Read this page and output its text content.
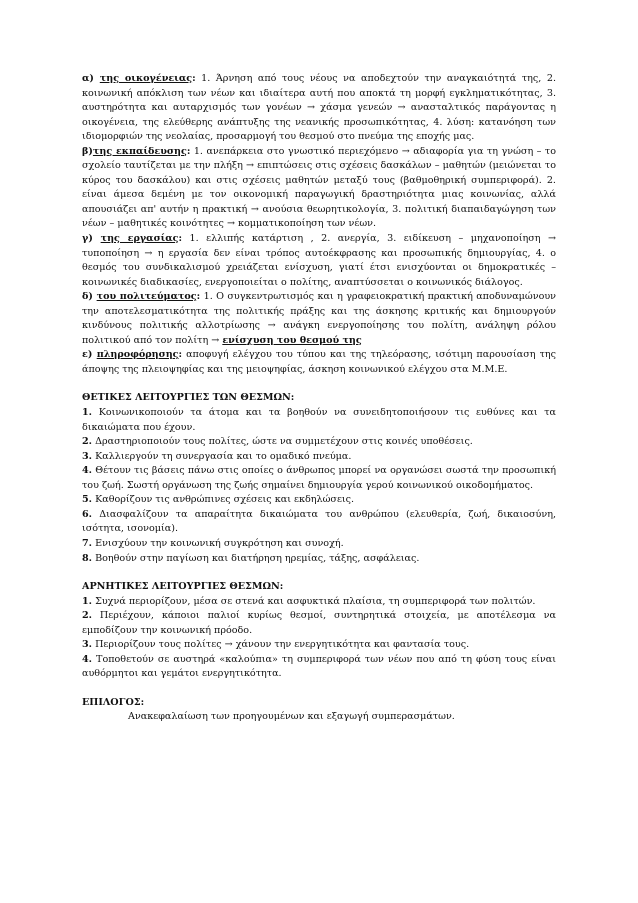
α) της οικογένειας: 1. Άρνηση από τους νέους να αποδεχτούν την αναγκαιότητά της, 2. κοινωνική απόκλιση των νέων και ιδιαίτερα αυτή που αποκτά τη μορφή εγκληματικότητας, 3. αυστηρότητα και αυταρχισμός των γονέων → χάσμα γενεών → ανασταλτικός παράγοντας η οικογένεια, της ελεύθερης ανάπτυξης της νεανικής προσωπικότητας, 4. λύση: κατανόηση των ιδιομορφιών της νεολαίας, προσαρμογή του θεσμού στο πνεύμα της εποχής μας.

β)της εκπαίδευσης: 1. ανεπάρκεια στο γνωστικό περιεχόμενο → αδιαφορία για τη γνώση – το σχολείο ταυτίζεται με την πλήξη → επιπτώσεις στις σχέσεις δασκάλων – μαθητών (μειώνεται το κύρος του δασκάλου) και στις σχέσεις μαθητών μεταξύ τους (βαθμοθηρική συμπεριφορά). 2. είναι άμεσα δεμένη με τον οικονομική παραγωγική δραστηριότητα μιας κοινωνίας, αλλά απουσιάζει απ' αυτήν η πρακτική → ανούσια θεωρητικολογία, 3. πολιτική διαπαιδαγώγηση των νέων – μαθητικές κοινότητες → κομματικοποίηση των νέων.

γ) της εργασίας: 1. ελλιπής κατάρτιση , 2. ανεργία, 3. ειδίκευση – μηχανοποίηση → τυποποίηση → η εργασία δεν είναι τρόπος αυτοέκφρασης και προσωπικής δημιουργίας, 4. ο θεσμός του συνδικαλισμού χρειάζεται ενίσχυση, γιατί έτσι ενισχύονται οι δημοκρατικές – κοινωνικές διαδικασίες, ενεργοποιείται ο πολίτης, αναπτύσσεται ο κοινωνικός διάλογος.

δ) του πολιτεύματος: 1. Ο συγκεντρωτισμός και η γραφειοκρατική πρακτική αποδυναμώνουν την αποτελεσματικότητα της πολιτικής πράξης και της άσκησης κριτικής και δημιουργούν κινδύνους πολιτικής αλλοτρίωσης → ανάγκη ενεργοποίησης του πολίτη, ανάληψη ρόλου πολιτικού από τον πολίτη → ενίσχυση του θεσμού της

ε) πληροφόρησης: αποφυγή ελέγχου του τύπου και της τηλεόρασης, ισότιμη παρουσίαση της άποψης της πλειοψηφίας και της μειοψηφίας, άσκηση κοινωνικού ελέγχου στα Μ.Μ.Ε.

ΘΕΤΙΚΕΣ ΛΕΙΤΟΥΡΓΙΕΣ ΤΩΝ ΘΕΣΜΩΝ:

1. Κοινωνικοποιούν τα άτομα και τα βοηθούν να συνειδητοποιήσουν τις ευθύνες και τα δικαιώματα που έχουν.

2. Δραστηριοποιούν τους πολίτες, ώστε να συμμετέχουν στις κοινές υποθέσεις.

3. Καλλιεργούν τη συνεργασία και το ομαδικό πνεύμα.

4. Θέτουν τις βάσεις πάνω στις οποίες ο άνθρωπος μπορεί να οργανώσει σωστά την προσωπική του ζωή. Σωστή οργάνωση της ζωής σημαίνει δημιουργία γερού κοινωνικού οικοδομήματος.

5. Καθορίζουν τις ανθρώπινες σχέσεις και εκδηλώσεις.

6. Διασφαλίζουν τα απαραίτητα δικαιώματα του ανθρώπου (ελευθερία, ζωή, δικαιοσύνη, ισότητα, ισονομία).

7. Ενισχύουν την κοινωνική συγκρότηση και συνοχή.

8. Βοηθούν στην παγίωση και διατήρηση ηρεμίας, τάξης, ασφάλειας.

ΑΡΝΗΤΙΚΕΣ ΛΕΙΤΟΥΡΓΙΕΣ ΘΕΣΜΩΝ:

1. Συχνά περιορίζουν, μέσα σε στενά και ασφυκτικά πλαίσια, τη συμπεριφορά των πολιτών.

2. Περιέχουν, κάποιοι παλιοί κυρίως θεσμοί, συντηρητικά στοιχεία, με αποτέλεσμα να εμποδίζουν την κοινωνική πρόοδο.

3. Περιορίζουν τους πολίτες → χάνουν την ενεργητικότητα και φαντασία τους.

4. Τοποθετούν σε αυστηρά «καλούπια» τη συμπεριφορά των νέων που από τη φύση τους είναι αυθόρμητοι και γεμάτοι ενεργητικότητα.

ΕΠΙΛΟΓΟΣ:

Ανακεφαλαίωση των προηγουμένων και εξαγωγή συμπερασμάτων.
